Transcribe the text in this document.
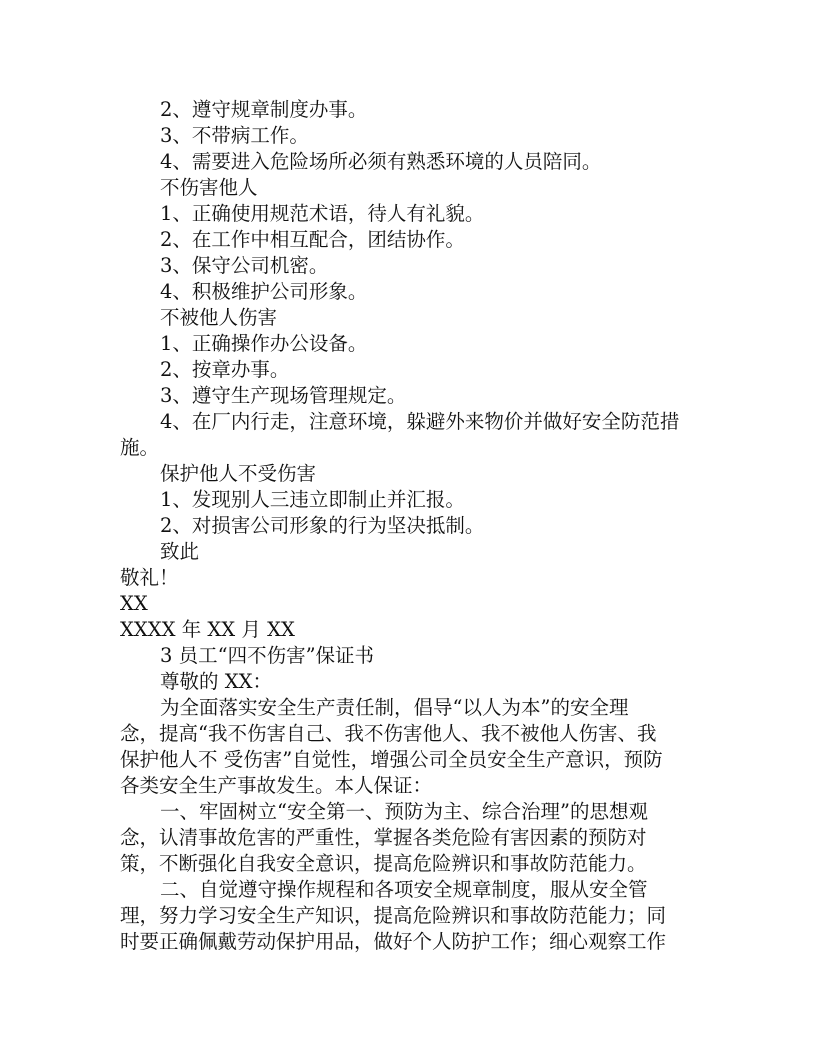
2、遵守规章制度办事。
3、不带病工作。
4、需要进入危险场所必须有熟悉环境的人员陪同。
不伤害他人
1、正确使用规范术语，待人有礼貌。
2、在工作中相互配合，团结协作。
3、保守公司机密。
4、积极维护公司形象。
不被他人伤害
1、正确操作办公设备。
2、按章办事。
3、遵守生产现场管理规定。
4、在厂内行走，注意环境，躲避外来物价并做好安全防范措
施。
保护他人不受伤害
1、发现别人三违立即制止并汇报。
2、对损害公司形象的行为坚决抵制。
致此
敬礼！
XX
XXXX 年 XX 月 XX
3 员工“四不伤害”保证书
尊敬的 XX：
为全面落实安全生产责任制，倡导“以人为本”的安全理
念，提高“我不伤害自己、我不伤害他人、我不被他人伤害、我
保护他人不 受伤害”自觉性，增强公司全员安全生产意识，预防
各类安全生产事故发生。本人保证：
一、牢固树立“安全第一、预防为主、综合治理”的思想观
念，认清事故危害的严重性，掌握各类危险有害因素的预防对
策，不断强化自我安全意识，提高危险辨识和事故防范能力。
二、自觉遵守操作规程和各项安全规章制度，服从安全管
理，努力学习安全生产知识，提高危险辨识和事故防范能力；同
时要正确佩戴劳动保护用品，做好个人防护工作；细心观察工作
